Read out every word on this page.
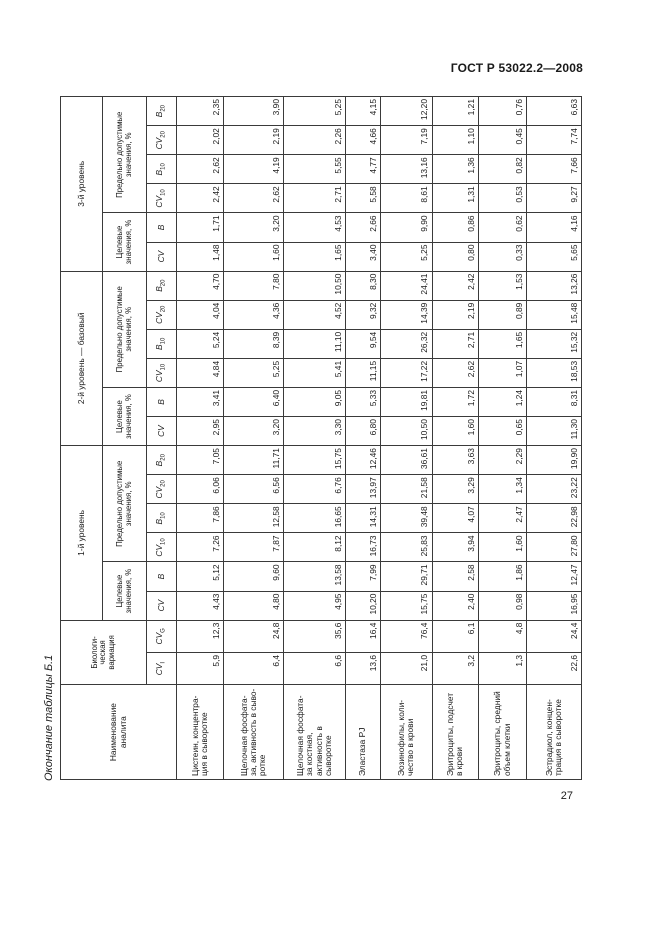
ГОСТ Р 53022.2—2008
Окончание таблицы Б.1	Наименование аналита	Биологи-
ческая
вариация		1-й уровень						2-й уровень — базовый						3-й уровень					
			Целевые значения, %		Предельно допустимые значения, %				Целевые значения, %		Предельно допустимые значения, %				Целевые значения, %		Предельно допустимые значения, %			
	$CV_I$	$CV_G$	CV	B	$CV_{10}$	$B_{10}$	$CV_{20}$	$B_{20}$	CV	B	$CV_{10}$	$B_{10}$	$CV_{20}$	$B_{20}$	CV	B	$CV_{10}$	$B_{10}$	$CV_{20}$	$B_{20}$
Цистеин, концентра-ция в сыворотке	5,9	12,3	4,43	5,12	7,26	7,86	6,06	7,05	2,95	3,41	4,84	5,24	4,04	4,70	1,48	1,71	2,42	2,62	2,02	2,35
Щелочная фосфата-за, активность в сыво-ротке	6,4	24,8	4,80	9,60	7,87	12,58	6,56	11,71	3,20	6,40	5,25	8,39	4,36	7,80	1,60	3,20	2,62	4,19	2,19	3,90
Щелочная фосфата-за костная, активность в сыворотке	6,6	35,6	4,95	13,58	8,12	16,65	6,76	15,75	3,30	9,05	5,41	11,10	4,52	10,50	1,65	4,53	2,71	5,55	2,26	5,25
Эластаза PJ	13,6	16,4	10,20	7,99	16,73	14,31	13,97	12,46	6,80	5,33	11,15	9,54	9,32	8,30	3,40	2,66	5,58	4,77	4,66	4,15
Эозинофилы, коли-чество в крови	21,0	76,4	15,75	29,71	25,83	39,48	21,58	36,61	10,50	19,81	17,22	26,32	14,39	24,41	5,25	9,90	8,61	13,16	7,19	12,20
Эритроциты, подсчет в крови	3,2	6,1	2,40	2,58	3,94	4,07	3,29	3,63	1,60	1,72	2,62	2,71	2,19	2,42	0,80	0,86	1,31	1,36	1,10	1,21
Эритроциты, средний объем клетки	1,3	4,8	0,98	1,86	1,60	2,47	1,34	2,29	0,65	1,24	1,07	1,65	0,89	1,53	0,33	0,62	0,53	0,82	0,45	0,76
Эстрадиол, концен-трация в сыворотке	22,6	24,4	16,95	12,47	27,80	22,98	23,22	19,90	11,30	8,31	18,53	15,32	15,48	13,26	5,65	4,16	9,27	7,66	7,74	6,63
27
